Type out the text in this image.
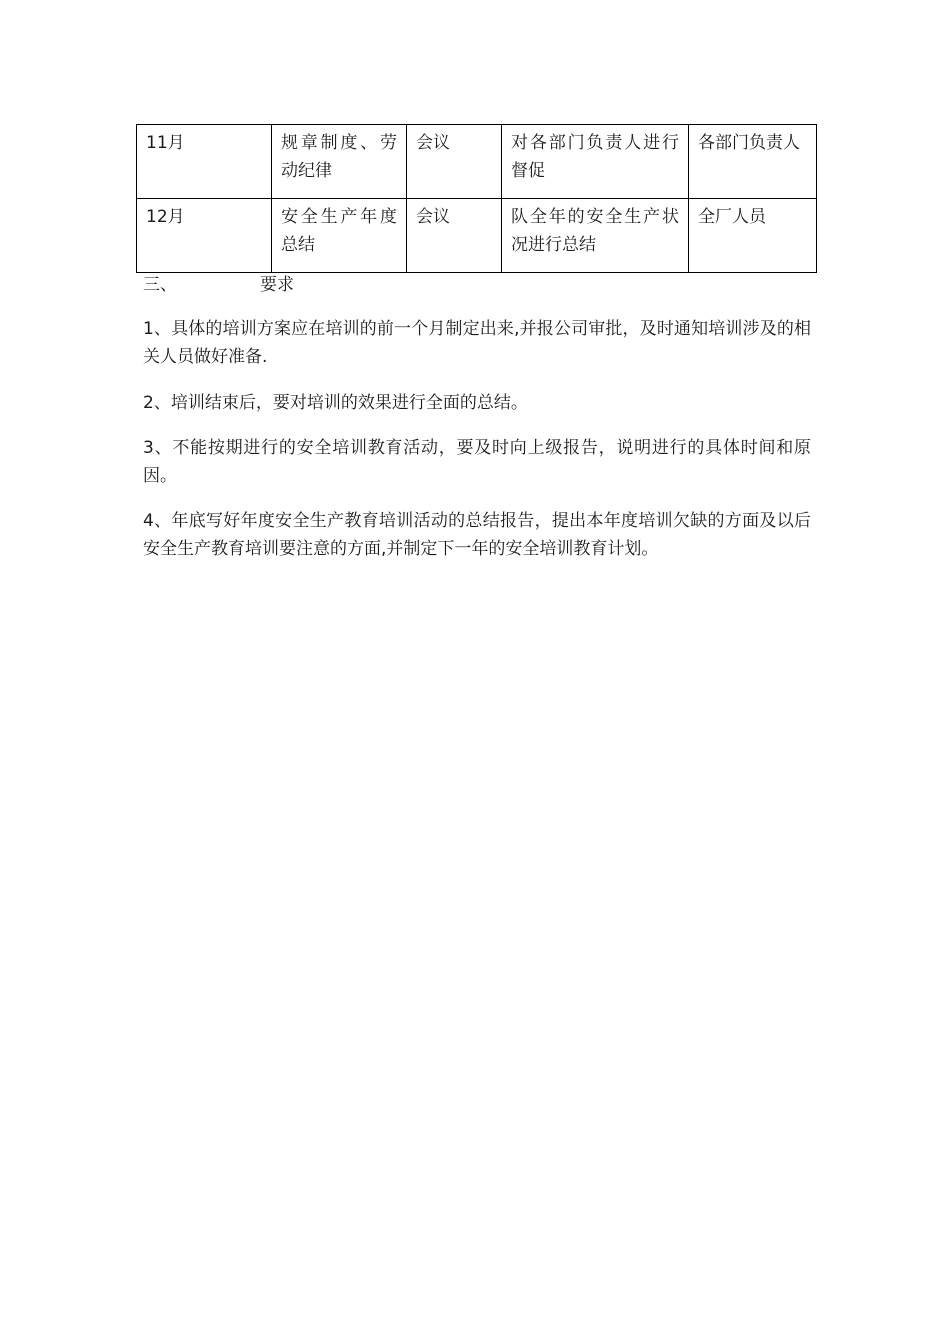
11月	规章制度、劳动纪律	会议	对各部门负责人进行督促	各部门负责人
12月	安全生产年度总结	会议	队全年的安全生产状况进行总结	全厂人员
三、	要求

1、具体的培训方案应在培训的前一个月制定出来,并报公司审批，及时通知培训涉及的相关人员做好准备.

2、培训结束后，要对培训的效果进行全面的总结。

3、不能按期进行的安全培训教育活动，要及时向上级报告，说明进行的具体时间和原因。

4、年底写好年度安全生产教育培训活动的总结报告，提出本年度培训欠缺的方面及以后安全生产教育培训要注意的方面,并制定下一年的安全培训教育计划。
